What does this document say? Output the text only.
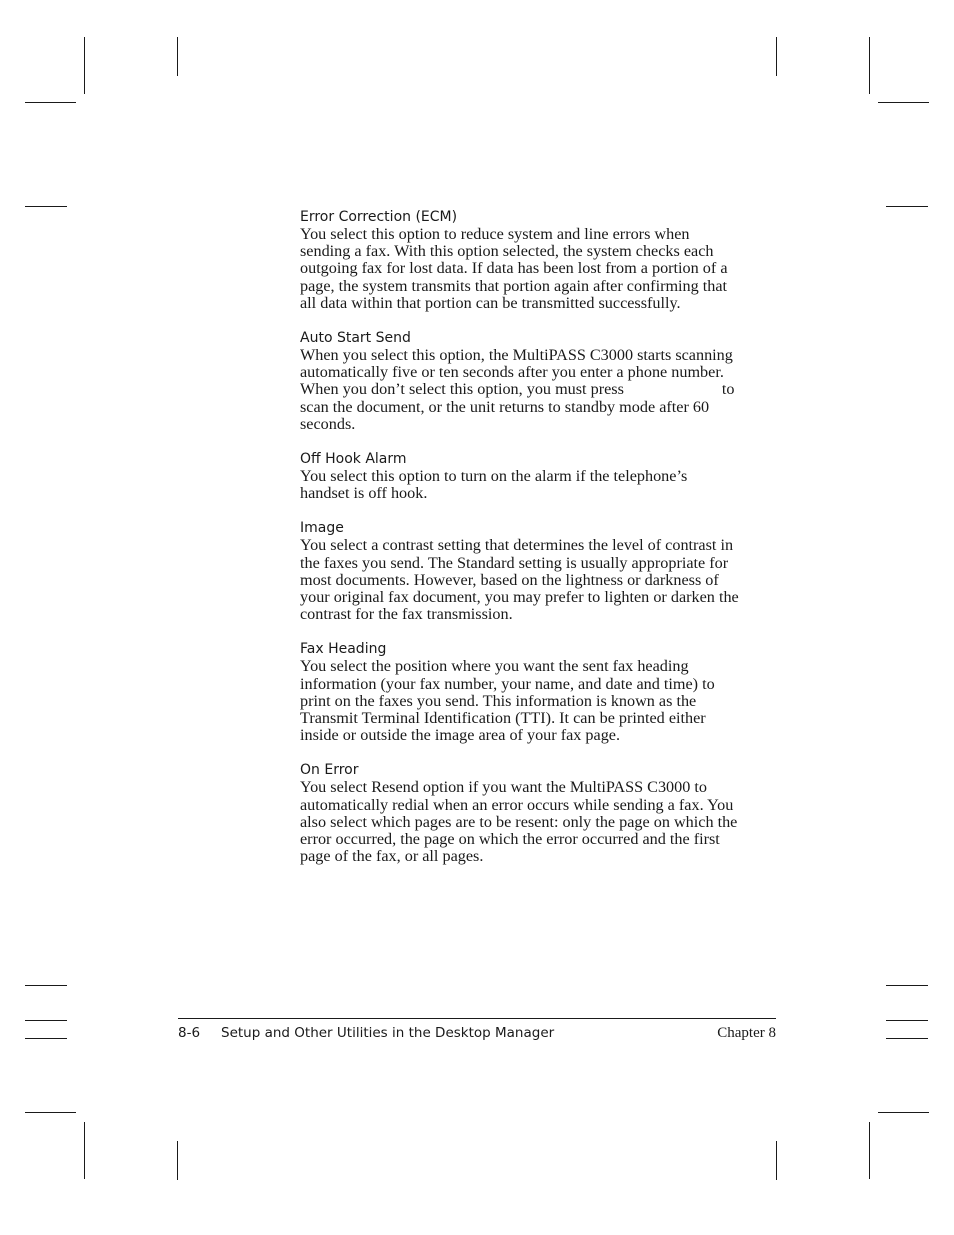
Error Correction (ECM)

You select this option to reduce system and line errors when
sending a fax. With this option selected, the system checks each
outgoing fax for lost data. If data has been lost from a portion of a
page, the system transmits that portion again after confirming that
all data within that portion can be transmitted successfully.

Auto Start Send

When you select this option, the MultiPASS C3000 starts scanning
automatically five or ten seconds after you enter a phone number.
When you don’t select this option, you must press	to
scan the document, or the unit returns to standby mode after 60
seconds.

Off Hook Alarm

You select this option to turn on the alarm if the telephone’s
handset is off hook.

Image

You select a contrast setting that determines the level of contrast in
the faxes you send. The Standard setting is usually appropriate for
most documents. However, based on the lightness or darkness of
your original fax document, you may prefer to lighten or darken the
contrast for the fax transmission.

Fax Heading

You select the position where you want the sent fax heading
information (your fax number, your name, and date and time) to
print on the faxes you send. This information is known as the
Transmit Terminal Identification (TTI). It can be printed either
inside or outside the image area of your fax page.

On Error

You select Resend option if you want the MultiPASS C3000 to
automatically redial when an error occurs while sending a fax. You
also select which pages are to be resent: only the page on which the
error occurred, the page on which the error occurred and the first
page of the fax, or all pages.

8-6 Setup and Other Utilities in the Desktop Manager	Chapter 8
